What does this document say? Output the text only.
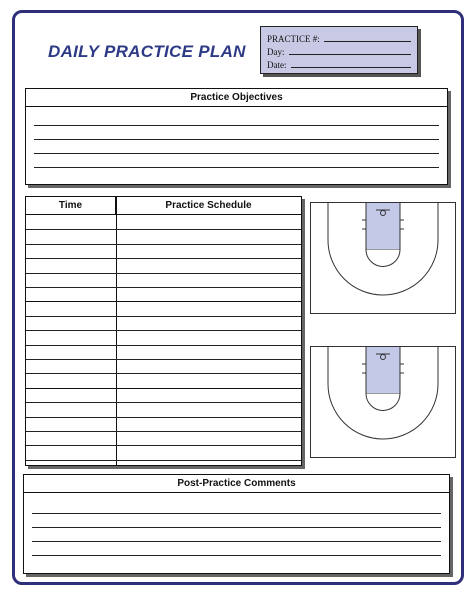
DAILY PRACTICE PLAN
PRACTICE #:
Day:
Date:
Practice Objectives
Time	Practice Schedule
Post-Practice Comments
